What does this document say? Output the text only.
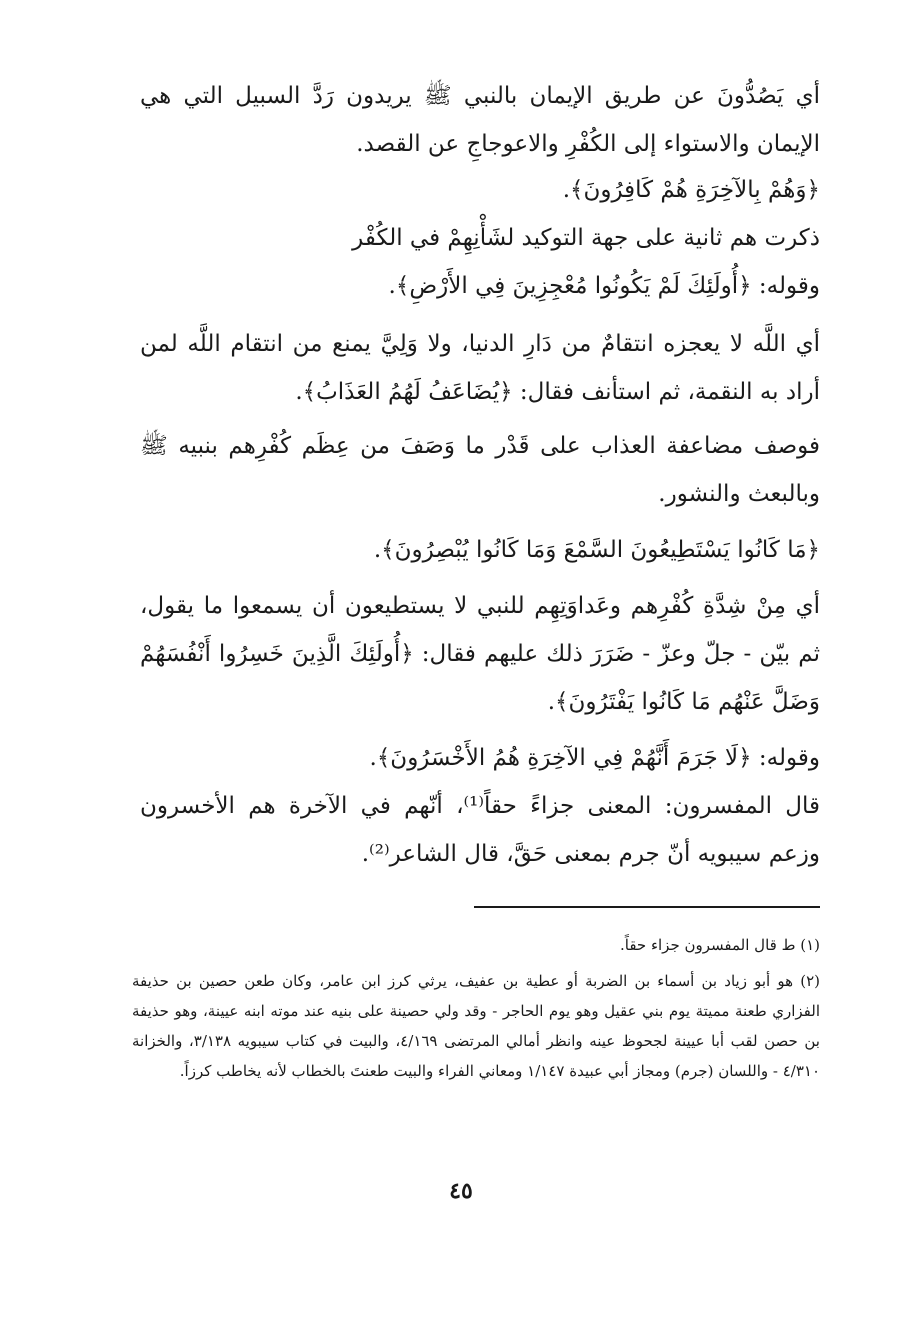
أي يَصُدُّونَ عن طريق الإيمان بالنبي ﷺ يريدون رَدَّ السبيل التي هي الإيمان والاستواء إلى الكُفْرِ والاعوجاجِ عن القصد.

﴿وَهُمْ بِالآخِرَةِ هُمْ كَافِرُونَ﴾.

ذكرت هم ثانية على جهة التوكيد لشَأْنِهِمْ في الكُفْر

وقوله: ﴿أُولَئِكَ لَمْ يَكُونُوا مُعْجِزِينَ فِي الأَرْضِ﴾.

أي اللَّه لا يعجزه انتقامٌ من دَارِ الدنيا، ولا وَلِيَّ يمنع من انتقام اللَّه لمن أراد به النقمة، ثم استأنف فقال: ﴿يُضَاعَفُ لَهُمُ العَذَابُ﴾.

فوصف مضاعفة العذاب على قَدْر ما وَصَفَ من عِظَم كُفْرِهم بنبيه ﷺ وبالبعث والنشور.

﴿مَا كَانُوا يَسْتَطِيعُونَ السَّمْعَ وَمَا كَانُوا يُبْصِرُونَ﴾.

أي مِنْ شِدَّةِ كُفْرِهم وعَداوَتِهِم للنبي لا يستطيعون أن يسمعوا ما يقول، ثم بيّن - جلّ وعزّ - ضَرَرَ ذلك عليهم فقال: ﴿أُولَئِكَ الَّذِينَ خَسِرُوا أَنْفُسَهُمْ وَضَلَّ عَنْهُم مَا كَانُوا يَفْتَرُونَ﴾.

وقوله: ﴿لَا جَرَمَ أَنَّهُمْ فِي الآخِرَةِ هُمُ الأَخْسَرُونَ﴾.

قال المفسرون: المعنى جزاءً حقاً⁽¹⁾، أنّهم في الآخرة هم الأخسرون وزعم سيبويه أنّ جرم بمعنى حَقَّ، قال الشاعر⁽²⁾.

(١) ط قال المفسرون جزاء حقاً.

(٢) هو أبو زياد بن أسماء بن الضربة أو عطية بن عفيف، يرثي كرز ابن عامر، وكان طعن حصين بن حذيفة الفزاري طعنة مميتة يوم بني عقيل وهو يوم الحاجر - وقد ولي حصينة على بنيه عند موته ابنه عيينة، وهو حذيفة بن حصن لقب أبا عيينة لجحوظ عينه وانظر أمالي المرتضى ٤/١٦٩، والبيت في كتاب سيبويه ٣/١٣٨، والخزانة ٤/٣١٠ - واللسان (جرم) ومجاز أبي عبيدة ١/١٤٧ ومعاني الفراء والبيت طعنتَ بالخطاب لأنه يخاطب كرزاً.

٤٥
